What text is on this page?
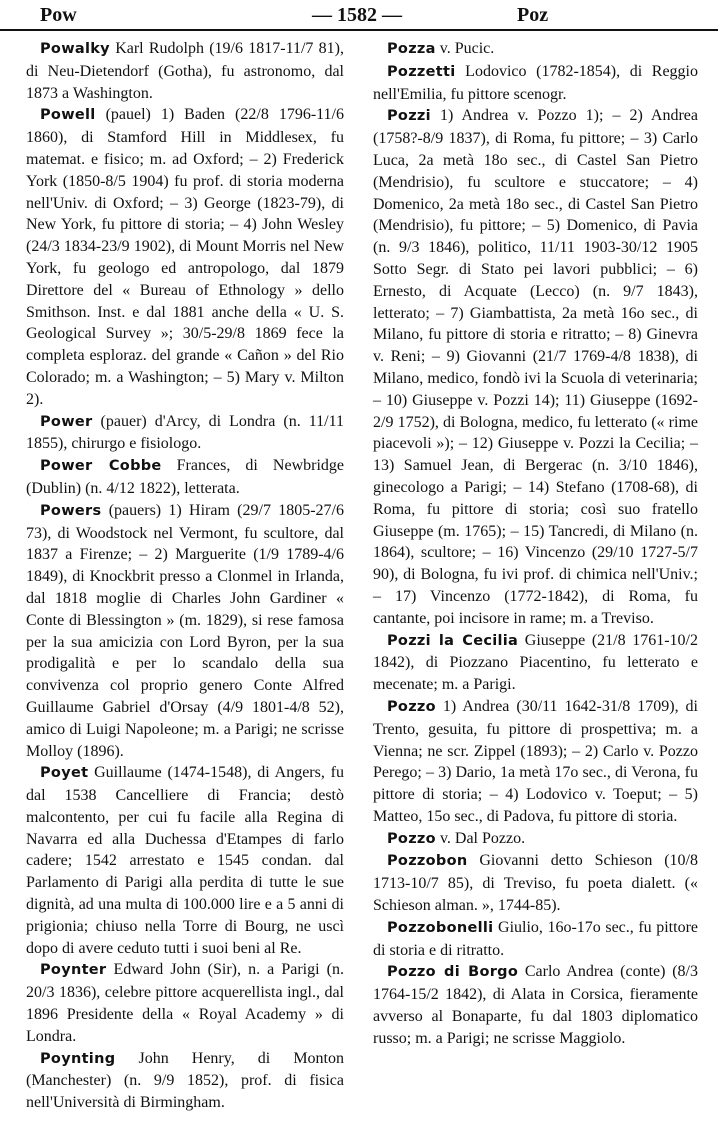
Pow	— 1582 —	Poz

Powalky Karl Rudolph (19/6 1817-11/7 81), di Neu-Dietendorf (Gotha), fu astronomo, dal 1873 a Washington.

Powell (pauel) 1) Baden (22/8 1796-11/6 1860), di Stamford Hill in Middlesex, fu matemat. e fisico; m. ad Oxford; – 2) Frederick York (1850-8/5 1904) fu prof. di storia moderna nell'Univ. di Oxford; – 3) George (1823-79), di New York, fu pittore di storia; – 4) John Wesley (24/3 1834-23/9 1902), di Mount Morris nel New York, fu geologo ed antropologo, dal 1879 Direttore del « Bureau of Ethnology » dello Smithson. Inst. e dal 1881 anche della « U. S. Geological Survey »; 30/5-29/8 1869 fece la completa esploraz. del grande « Cañon » del Rio Colorado; m. a Washington; – 5) Mary v. Milton 2).

Power (pauer) d'Arcy, di Londra (n. 11/11 1855), chirurgo e fisiologo.

Power Cobbe Frances, di Newbridge (Dublin) (n. 4/12 1822), letterata.

Powers (pauers) 1) Hiram (29/7 1805-27/6 73), di Woodstock nel Vermont, fu scultore, dal 1837 a Firenze; – 2) Marguerite (1/9 1789-4/6 1849), di Knockbrit presso a Clonmel in Irlanda, dal 1818 moglie di Charles John Gardiner « Conte di Blessington » (m. 1829), si rese famosa per la sua amicizia con Lord Byron, per la sua prodigalità e per lo scandalo della sua convivenza col proprio genero Conte Alfred Guillaume Gabriel d'Orsay (4/9 1801-4/8 52), amico di Luigi Napoleone; m. a Parigi; ne scrisse Molloy (1896).

Poyet Guillaume (1474-1548), di Angers, fu dal 1538 Cancelliere di Francia; destò malcontento, per cui fu facile alla Regina di Navarra ed alla Duchessa d'Etampes di farlo cadere; 1542 arrestato e 1545 condan. dal Parlamento di Parigi alla perdita di tutte le sue dignità, ad una multa di 100.000 lire e a 5 anni di prigionia; chiuso nella Torre di Bourg, ne uscì dopo di avere ceduto tutti i suoi beni al Re.

Poynter Edward John (Sir), n. a Parigi (n. 20/3 1836), celebre pittore acquerellista ingl., dal 1896 Presidente della « Royal Academy » di Londra.

Poynting John Henry, di Monton (Manchester) (n. 9/9 1852), prof. di fisica nell'Università di Birmingham.

Pozza v. Pucic.

Pozzetti Lodovico (1782-1854), di Reggio nell'Emilia, fu pittore scenogr.

Pozzi 1) Andrea v. Pozzo 1); – 2) Andrea (1758?-8/9 1837), di Roma, fu pittore; – 3) Carlo Luca, 2a metà 18o sec., di Castel San Pietro (Mendrisio), fu scultore e stuccatore; – 4) Domenico, 2a metà 18o sec., di Castel San Pietro (Mendrisio), fu pittore; – 5) Domenico, di Pavia (n. 9/3 1846), politico, 11/11 1903-30/12 1905 Sotto Segr. di Stato pei lavori pubblici; – 6) Ernesto, di Acquate (Lecco) (n. 9/7 1843), letterato; – 7) Giambattista, 2a metà 16o sec., di Milano, fu pittore di storia e ritratto; – 8) Ginevra v. Reni; – 9) Giovanni (21/7 1769-4/8 1838), di Milano, medico, fondò ivi la Scuola di veterinaria; – 10) Giuseppe v. Pozzi 14); 11) Giuseppe (1692-2/9 1752), di Bologna, medico, fu letterato (« rime piacevoli »); – 12) Giuseppe v. Pozzi la Cecilia; – 13) Samuel Jean, di Bergerac (n. 3/10 1846), ginecologo a Parigi; – 14) Stefano (1708-68), di Roma, fu pittore di storia; così suo fratello Giuseppe (m. 1765); – 15) Tancredi, di Milano (n. 1864), scultore; – 16) Vincenzo (29/10 1727-5/7 90), di Bologna, fu ivi prof. di chimica nell'Univ.; – 17) Vincenzo (1772-1842), di Roma, fu cantante, poi incisore in rame; m. a Treviso.

Pozzi la Cecilia Giuseppe (21/8 1761-10/2 1842), di Piozzano Piacentino, fu letterato e mecenate; m. a Parigi.

Pozzo 1) Andrea (30/11 1642-31/8 1709), di Trento, gesuita, fu pittore di prospettiva; m. a Vienna; ne scr. Zippel (1893); – 2) Carlo v. Pozzo Perego; – 3) Dario, 1a metà 17o sec., di Verona, fu pittore di storia; – 4) Lodovico v. Toeput; – 5) Matteo, 15o sec., di Padova, fu pittore di storia.

Pozzo v. Dal Pozzo.

Pozzobon Giovanni detto Schieson (10/8 1713-10/7 85), di Treviso, fu poeta dialett. (« Schieson alman. », 1744-85).

Pozzobonelli Giulio, 16o-17o sec., fu pittore di storia e di ritratto.

Pozzo di Borgo Carlo Andrea (conte) (8/3 1764-15/2 1842), di Alata in Corsica, fieramente avverso al Bonaparte, fu dal 1803 diplomatico russo; m. a Parigi; ne scrisse Maggiolo.
